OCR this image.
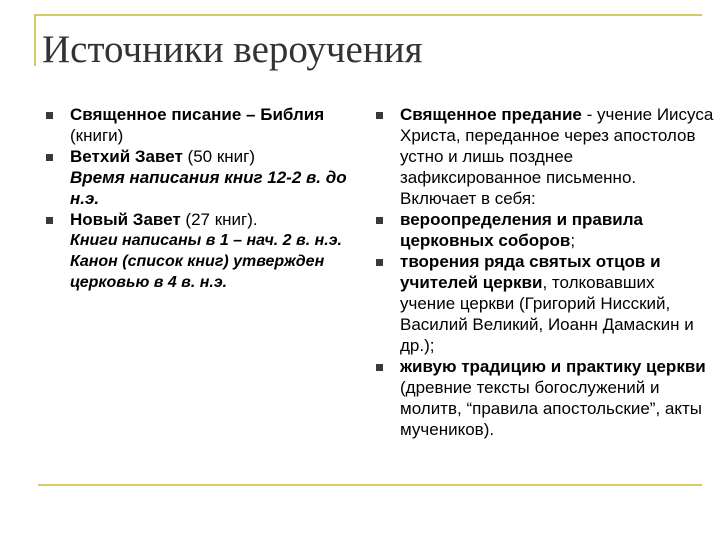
Источники вероучения
Священное писание – Библия (книги)
Ветхий Завет (50 книг)
Время написания книг 12-2 в. до н.э.
Новый Завет (27 книг).
Книги написаны в 1 – нач. 2 в. н.э. Канон (список книг) утвержден церковью в 4 в. н.э.
Священное предание - учение Иисуса Христа, переданное через апостолов устно и лишь позднее зафиксированное письменно. Включает в себя:
вероопределения и правила церковных соборов;
творения ряда святых отцов и учителей церкви, толковавших учение церкви (Григорий Нисский, Василий Великий, Иоанн Дамаскин и др.);
живую традицию и практику церкви (древние тексты богослужений и молитв, “правила апостольские”, акты мучеников).
